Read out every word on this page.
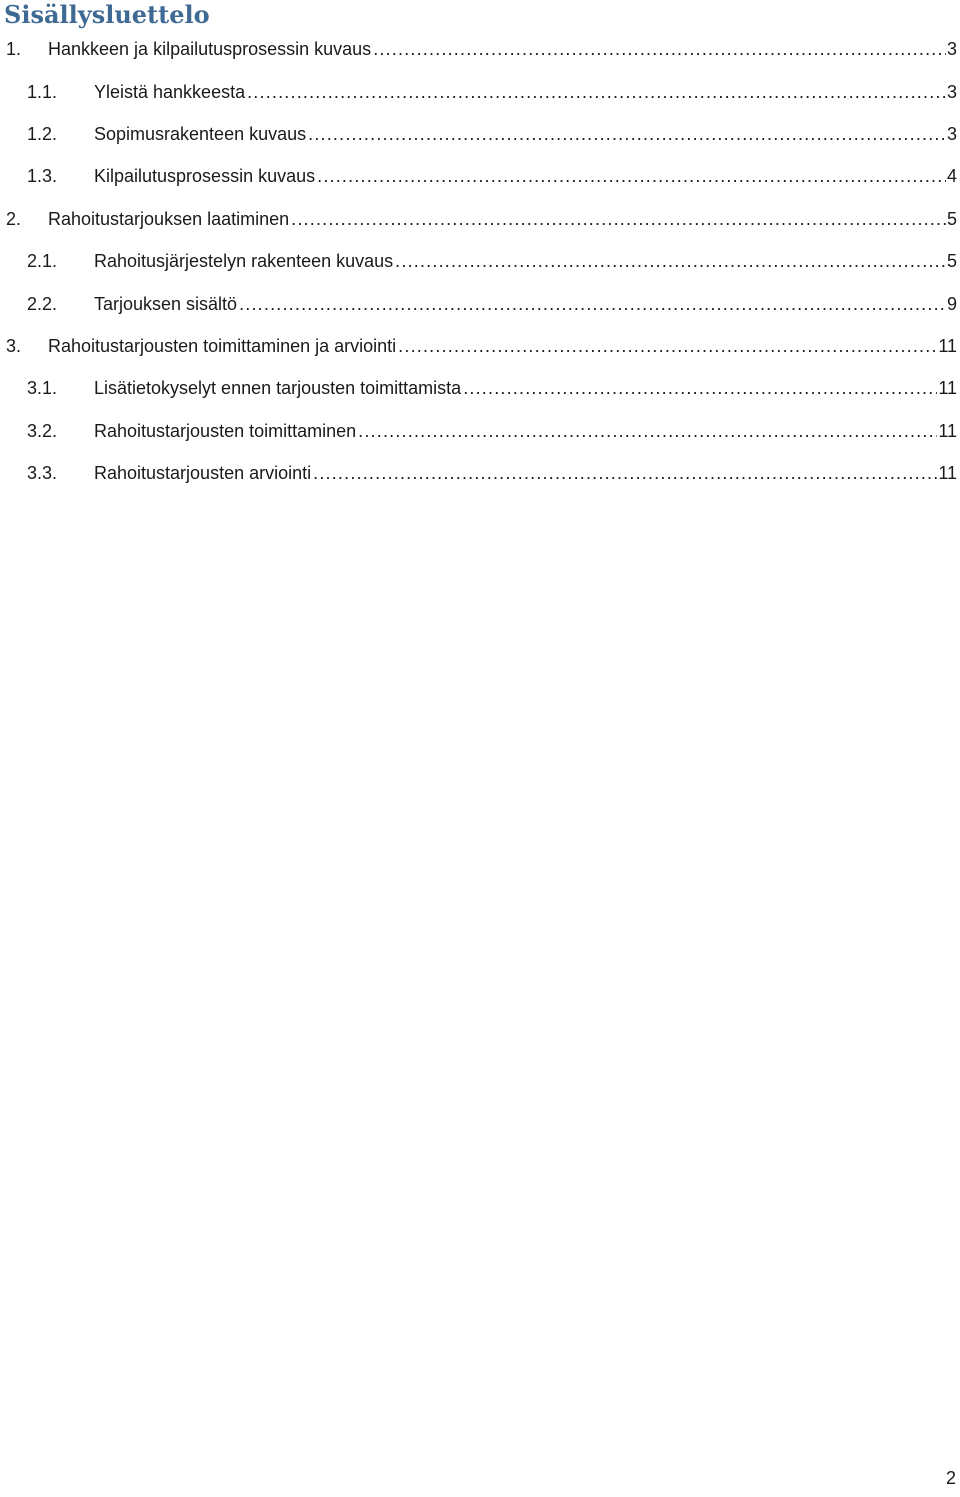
Sisällysluettelo
1.	Hankkeen ja kilpailutusprosessin kuvaus .....	3
1.1.	Yleistä hankkeesta .....	3
1.2.	Sopimusrakenteen kuvaus .....	3
1.3.	Kilpailutusprosessin kuvaus .....	4
2.	Rahoitustarjouksen laatiminen .....	5
2.1.	Rahoitusjärjestelyn rakenteen kuvaus .....	5
2.2.	Tarjouksen sisältö .....	9
3.	Rahoitustarjousten toimittaminen ja arviointi .....	11
3.1.	Lisätietokyselyt ennen tarjousten toimittamista .....	11
3.2.	Rahoitustarjousten toimittaminen .....	11
3.3.	Rahoitustarjousten arviointi .....	11
2
